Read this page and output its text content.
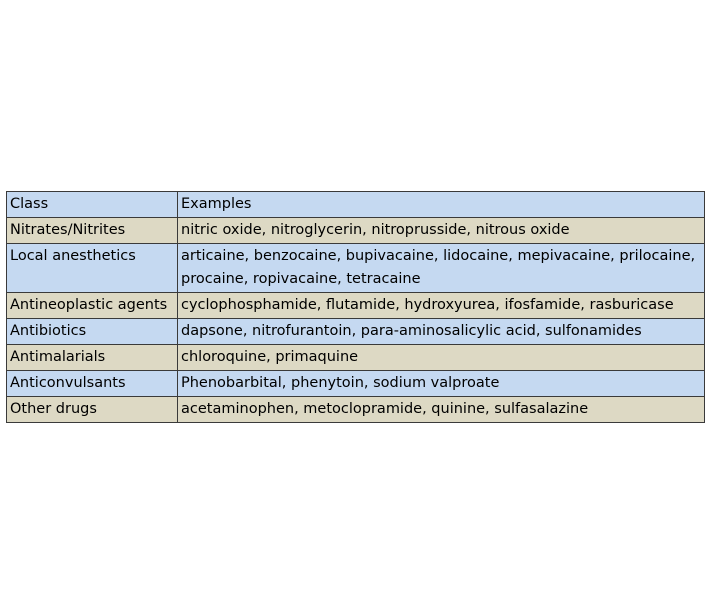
Class	Examples
Nitrates/Nitrites	nitric oxide, nitroglycerin, nitroprusside, nitrous oxide
Local anesthetics	articaine, benzocaine, bupivacaine, lidocaine, mepivacaine, prilocaine,
procaine, ropivacaine, tetracaine
Antineoplastic agents	cyclophosphamide, flutamide, hydroxyurea, ifosfamide, rasburicase
Antibiotics	dapsone, nitrofurantoin, para-aminosalicylic acid, sulfonamides
Antimalarials	chloroquine, primaquine
Anticonvulsants	Phenobarbital, phenytoin, sodium valproate
Other drugs	acetaminophen, metoclopramide, quinine, sulfasalazine
